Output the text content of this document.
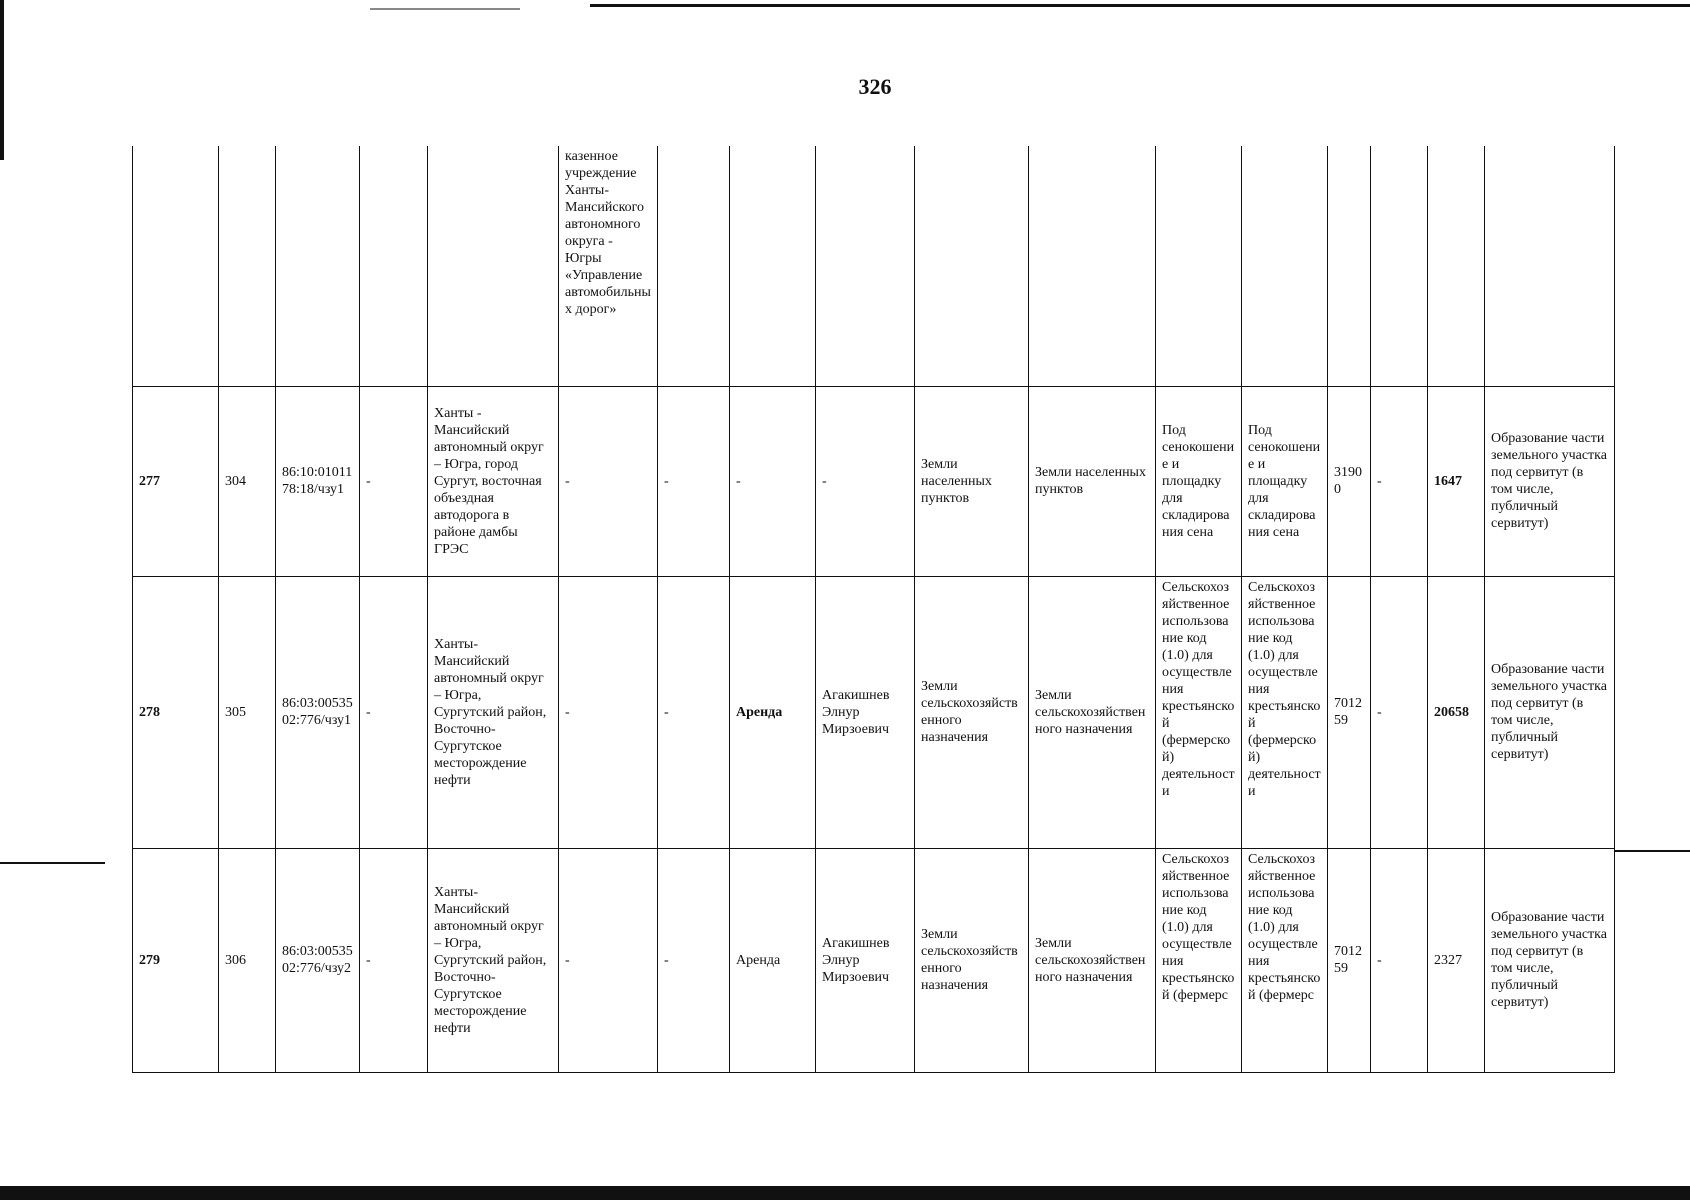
326
					казенное учреждение Ханты-Мансийского автономного округа - Югры «Управление автомобильных дорог»											
277	304	86:10:0101178:18/чзу1	-	Ханты - Мансийский автономный округ – Югра, город Сургут, восточная объездная автодорога в районе дамбы ГРЭС	-	-	-	-	Земли населенных пунктов	Земли населенных пунктов	Под сенокошение и площадку для складирования сена	Под сенокошение и площадку для складирования сена	31900	-	1647	Образование части земельного участка под сервитут (в том числе, публичный сервитут)
278	305	86:03:0053502:776/чзу1	-	Ханты-Мансийский автономный округ – Югра, Сургутский район, Восточно-Сургутское месторождение нефти	-	-	Аренда	Агакишнев Элнур Мирзоевич	Земли сельскохозяйственного назначения	Земли сельскохозяйственного назначения	Сельскохозяйственное использование код (1.0) для осуществления крестьянской (фермерской) деятельности	Сельскохозяйственное использование код (1.0) для осуществления крестьянской (фермерской) деятельности	701259	-	20658	Образование части земельного участка под сервитут (в том числе, публичный сервитут)
279	306	86:03:0053502:776/чзу2	-	Ханты-Мансийский автономный округ – Югра, Сургутский район, Восточно-Сургутское месторождение нефти	-	-	Аренда	Агакишнев Элнур Мирзоевич	Земли сельскохозяйственного назначения	Земли сельскохозяйственного назначения	Сельскохозяйственное использование код (1.0) для осуществления крестьянской (фермерс	Сельскохозяйственное использование код (1.0) для осуществления крестьянской (фермерс	701259	-	2327	Образование части земельного участка под сервитут (в том числе, публичный сервитут)
